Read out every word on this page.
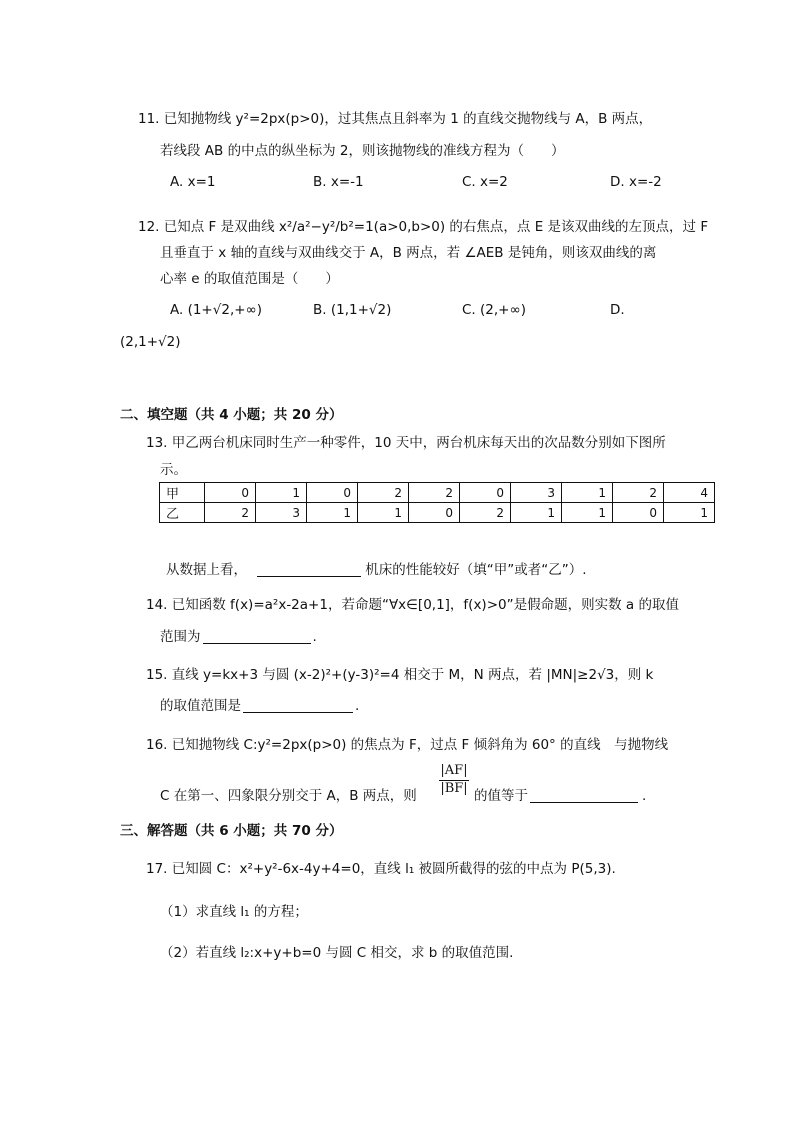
11. 已知抛物线 y²=2px(p>0)，过其焦点且斜率为 1 的直线交抛物线与 A，B 两点，
若线段 AB 的中点的纵坐标为 2，则该抛物线的准线方程为（　　）
A. x=1	B. x=-1	C. x=2	D. x=-2
12. 已知点 F 是双曲线 x²/a²−y²/b²=1(a>0,b>0) 的右焦点，点 E 是该双曲线的左顶点，过 F
且垂直于 x 轴的直线与双曲线交于 A，B 两点，若 ∠AEB 是钝角，则该双曲线的离
心率 e 的取值范围是（　　）
A. (1+√2,+∞)	B. (1,1+√2)	C. (2,+∞)	D.
(2,1+√2)
二、填空题（共 4 小题；共 20 分）
13. 甲乙两台机床同时生产一种零件，10 天中，两台机床每天出的次品数分别如下图所
示。
甲	0	1	0	2	2	0	3	1	2	4
乙	2	3	1	1	0	2	1	1	0	1
从数据上看，	机床的性能较好（填“甲”或者“乙”）.
14. 已知函数 f(x)=a²x-2a+1，若命题“∀x∈[0,1]，f(x)>0”是假命题，则实数 a 的取值
范围为	.
15. 直线 y=kx+3 与圆 (x-2)²+(y-3)²=4 相交于 M，N 两点，若 |MN|≥2√3，则 k
的取值范围是	.
16. 已知抛物线 C:y²=2px(p>0) 的焦点为 F，过点 F 倾斜角为 60° 的直线　与抛物线
C 在第一、四象限分别交于 A，B 两点，则 $\frac{|AF|}{|BF|}$ 的值等于	.
三、解答题（共 6 小题；共 70 分）
17. 已知圆 C：x²+y²-6x-4y+4=0，直线 l₁ 被圆所截得的弦的中点为 P(5,3).
（1）求直线 l₁ 的方程；
（2）若直线 l₂:x+y+b=0 与圆 C 相交，求 b 的取值范围.
